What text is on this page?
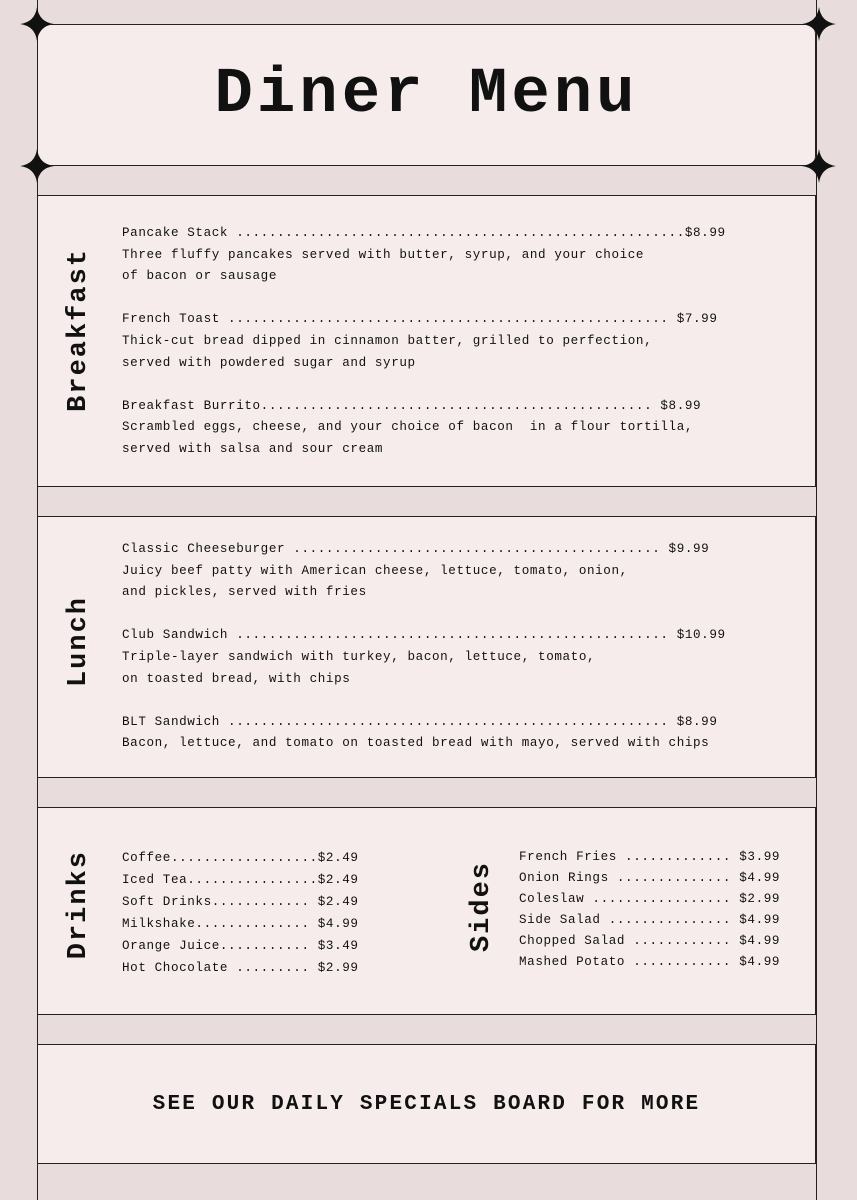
Diner Menu
Breakfast
Pancake Stack .......................................................$8.99
Three fluffy pancakes served with butter, syrup, and your choice
of bacon or sausage
French Toast ...................................................... $7.99
Thick-cut bread dipped in cinnamon batter, grilled to perfection,
served with powdered sugar and syrup
Breakfast Burrito................................................ $8.99
Scrambled eggs, cheese, and your choice of bacon  in a flour tortilla,
served with salsa and sour cream
Lunch
Classic Cheeseburger ............................................. $9.99
Juicy beef patty with American cheese, lettuce, tomato, onion,
and pickles, served with fries
Club Sandwich ..................................................... $10.99
Triple-layer sandwich with turkey, bacon, lettuce, tomato,
on toasted bread, with chips
BLT Sandwich ...................................................... $8.99
Bacon, lettuce, and tomato on toasted bread with mayo, served with chips
Drinks Coffee..................$2.49
Iced Tea................$2.49
Soft Drinks............ $2.49
Milkshake.............. $4.99
Orange Juice........... $3.49
Hot Chocolate ......... $2.99
Sides
French Fries ............. $3.99
Onion Rings .............. $4.99
Coleslaw ................. $2.99
Side Salad ............... $4.99
Chopped Salad ............ $4.99
Mashed Potato ............ $4.99
SEE OUR DAILY SPECIALS BOARD FOR MORE
